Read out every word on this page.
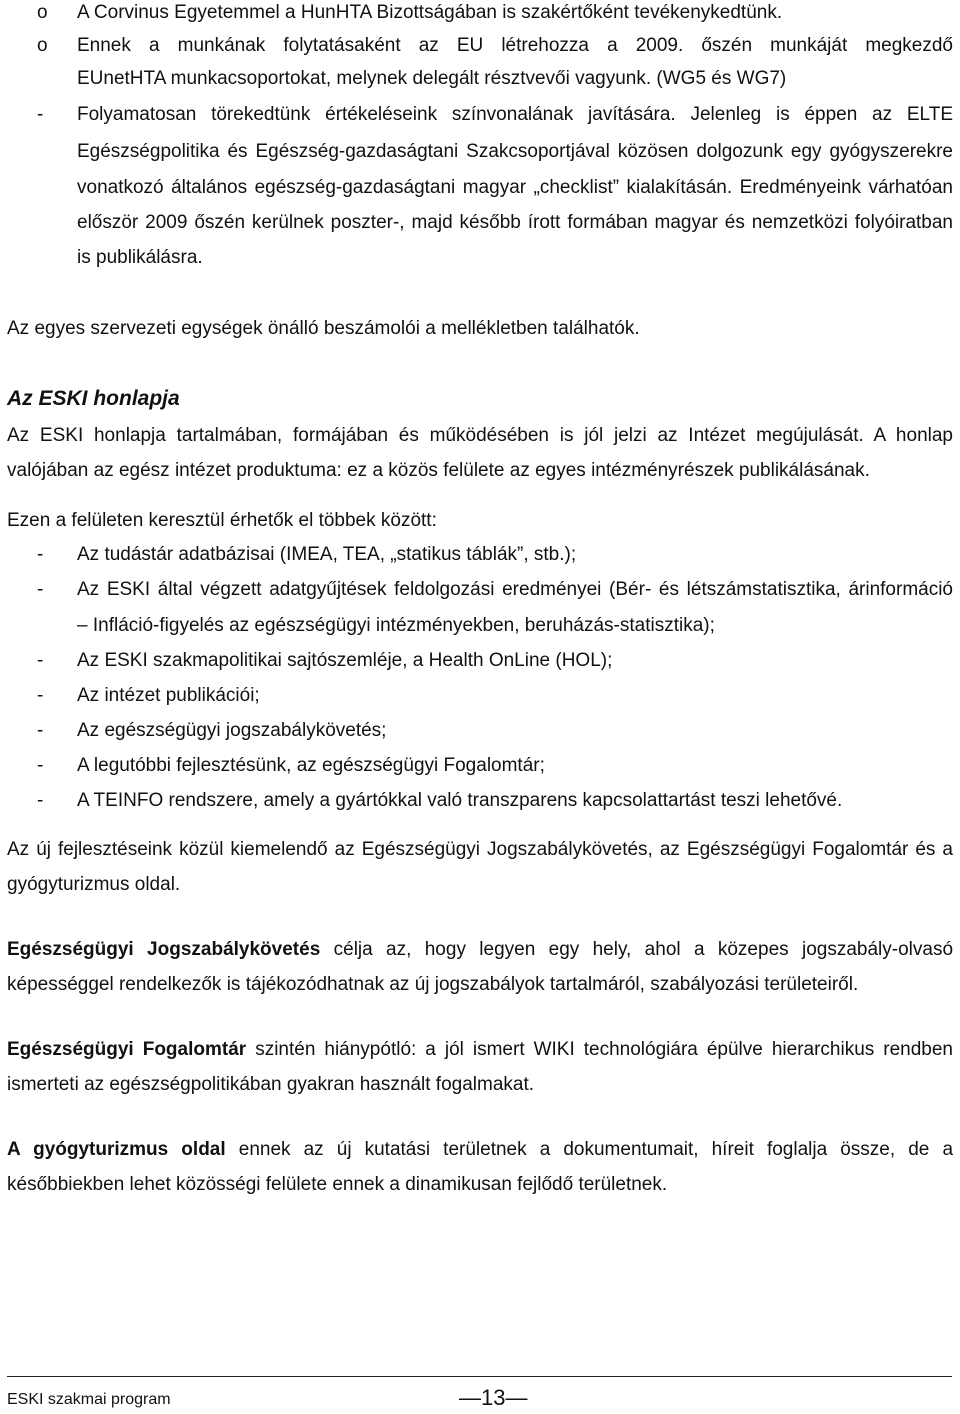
o A Corvinus Egyetemmel a HunHTA Bizottságában is szakértőként tevékenykedtünk.
o Ennek a munkának folytatásaként az EU létrehozza a 2009. őszén munkáját megkezdő
EUnetHTA munkacsoportokat, melynek delegált résztvevői vagyunk. (WG5 és WG7)
- Folyamatosan törekedtünk értékeléseink színvonalának javítására. Jelenleg is éppen az ELTE
Egészségpolitika és Egészség-gazdaságtani Szakcsoportjával közösen dolgozunk egy gyógyszerekre
vonatkozó általános egészség-gazdaságtani magyar „checklist” kialakításán. Eredményeink várhatóan
először 2009 őszén kerülnek poszter-, majd később írott formában magyar és nemzetközi folyóiratban
is publikálásra.
Az egyes szervezeti egységek önálló beszámolói a mellékletben találhatók.
Az ESKI honlapja
Az ESKI honlapja tartalmában, formájában és működésében is jól jelzi az Intézet megújulását. A honlap
valójában az egész intézet produktuma: ez a közös felülete az egyes intézményrészek publikálásának.
Ezen a felületen keresztül érhetők el többek között:
- Az tudástár adatbázisai (IMEA, TEA, „statikus táblák”, stb.);
- Az ESKI által végzett adatgyűjtések feldolgozási eredményei (Bér- és létszámstatisztika, árinformáció
– Infláció-figyelés az egészségügyi intézményekben, beruházás-statisztika);
- Az ESKI szakmapolitikai sajtószemléje, a Health OnLine (HOL);
- Az intézet publikációi;
- Az egészségügyi jogszabálykövetés;
- A legutóbbi fejlesztésünk, az egészségügyi Fogalomtár;
- A TEINFO rendszere, amely a gyártókkal való transzparens kapcsolattartást teszi lehetővé.
Az új fejlesztéseink közül kiemelendő az Egészségügyi Jogszabálykövetés, az Egészségügyi Fogalomtár és a
gyógyturizmus oldal.
Egészségügyi Jogszabálykövetés célja az, hogy legyen egy hely, ahol a közepes jogszabály-olvasó
képességgel rendelkezők is tájékozódhatnak az új jogszabályok tartalmáról, szabályozási területeiről.
Egészségügyi Fogalomtár szintén hiánypótló: a jól ismert WIKI technológiára épülve hierarchikus rendben
ismerteti az egészségpolitikában gyakran használt fogalmakat.
A gyógyturizmus oldal ennek az új kutatási területnek a dokumentumait, híreit foglalja össze, de a
későbbiekben lehet közösségi felülete ennek a dinamikusan fejlődő területnek.
ESKI szakmai program	—13—
